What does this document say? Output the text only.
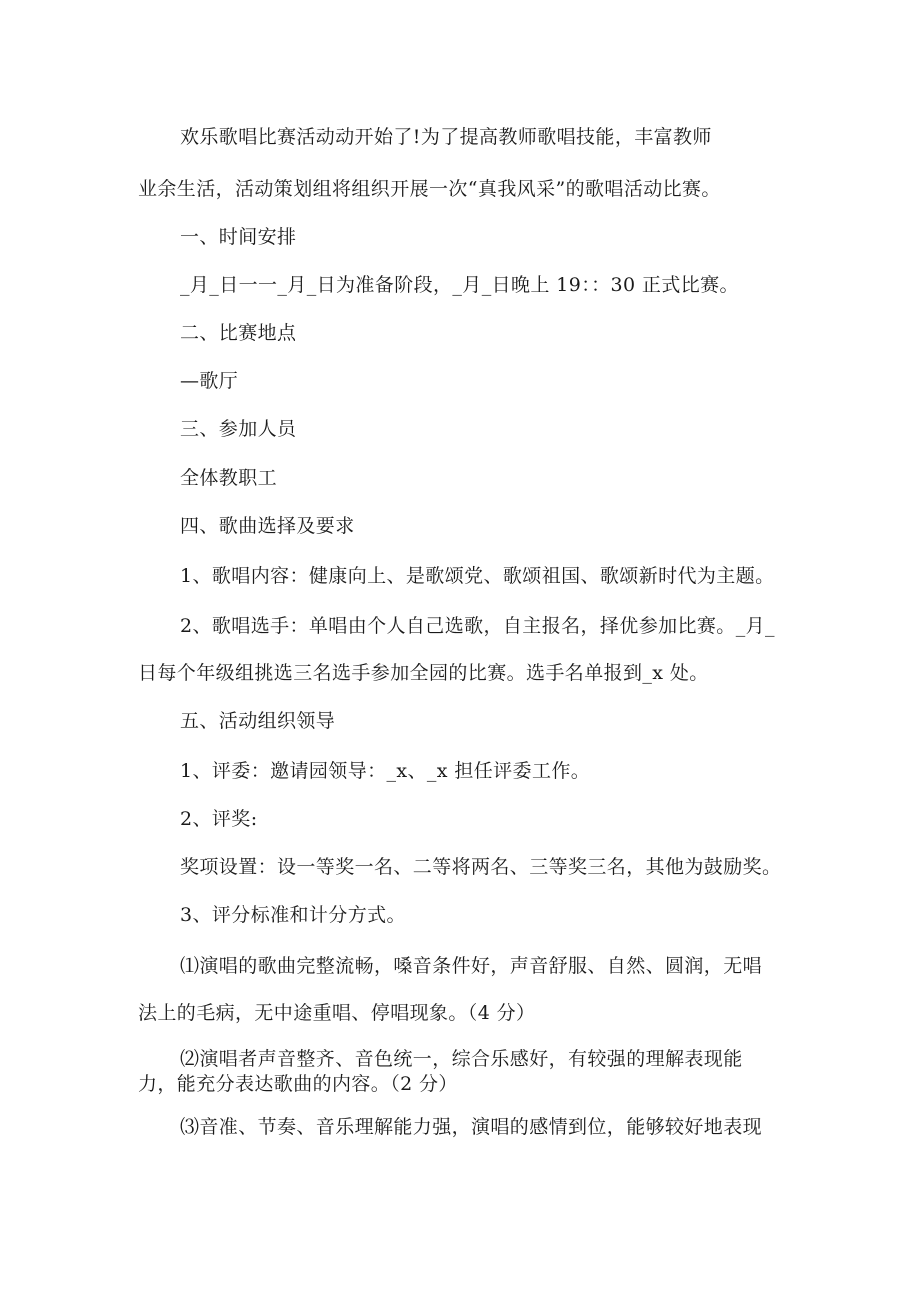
欢乐歌唱比赛活动动开始了!为了提高教师歌唱技能，丰富教师

业余生活，活动策划组将组织开展一次“真我风采”的歌唱活动比赛。

一、时间安排

_月_日一一_月_日为准备阶段，_月_日晚上 19：：30 正式比赛。

二、比赛地点

—歌厅

三、参加人员

全体教职工

四、歌曲选择及要求

1、歌唱内容：健康向上、是歌颂党、歌颂祖国、歌颂新时代为主题。

2、歌唱选手：单唱由个人自己选歌，自主报名，择优参加比赛。_月_

日每个年级组挑选三名选手参加全园的比赛。选手名单报到_x 处。

五、活动组织领导

1、评委：邀请园领导：_x、_x 担任评委工作。

2、评奖:

奖项设置：设一等奖一名、二等将两名、三等奖三名，其他为鼓励奖。

3、评分标准和计分方式。

⑴演唱的歌曲完整流畅，嗓音条件好，声音舒服、自然、圆润，无唱

法上的毛病，无中途重唱、停唱现象。（4 分）

⑵演唱者声音整齐、音色统一，综合乐感好，有较强的理解表现能

力，能充分表达歌曲的内容。（2 分）

⑶音准、节奏、音乐理解能力强，演唱的感情到位，能够较好地表现
